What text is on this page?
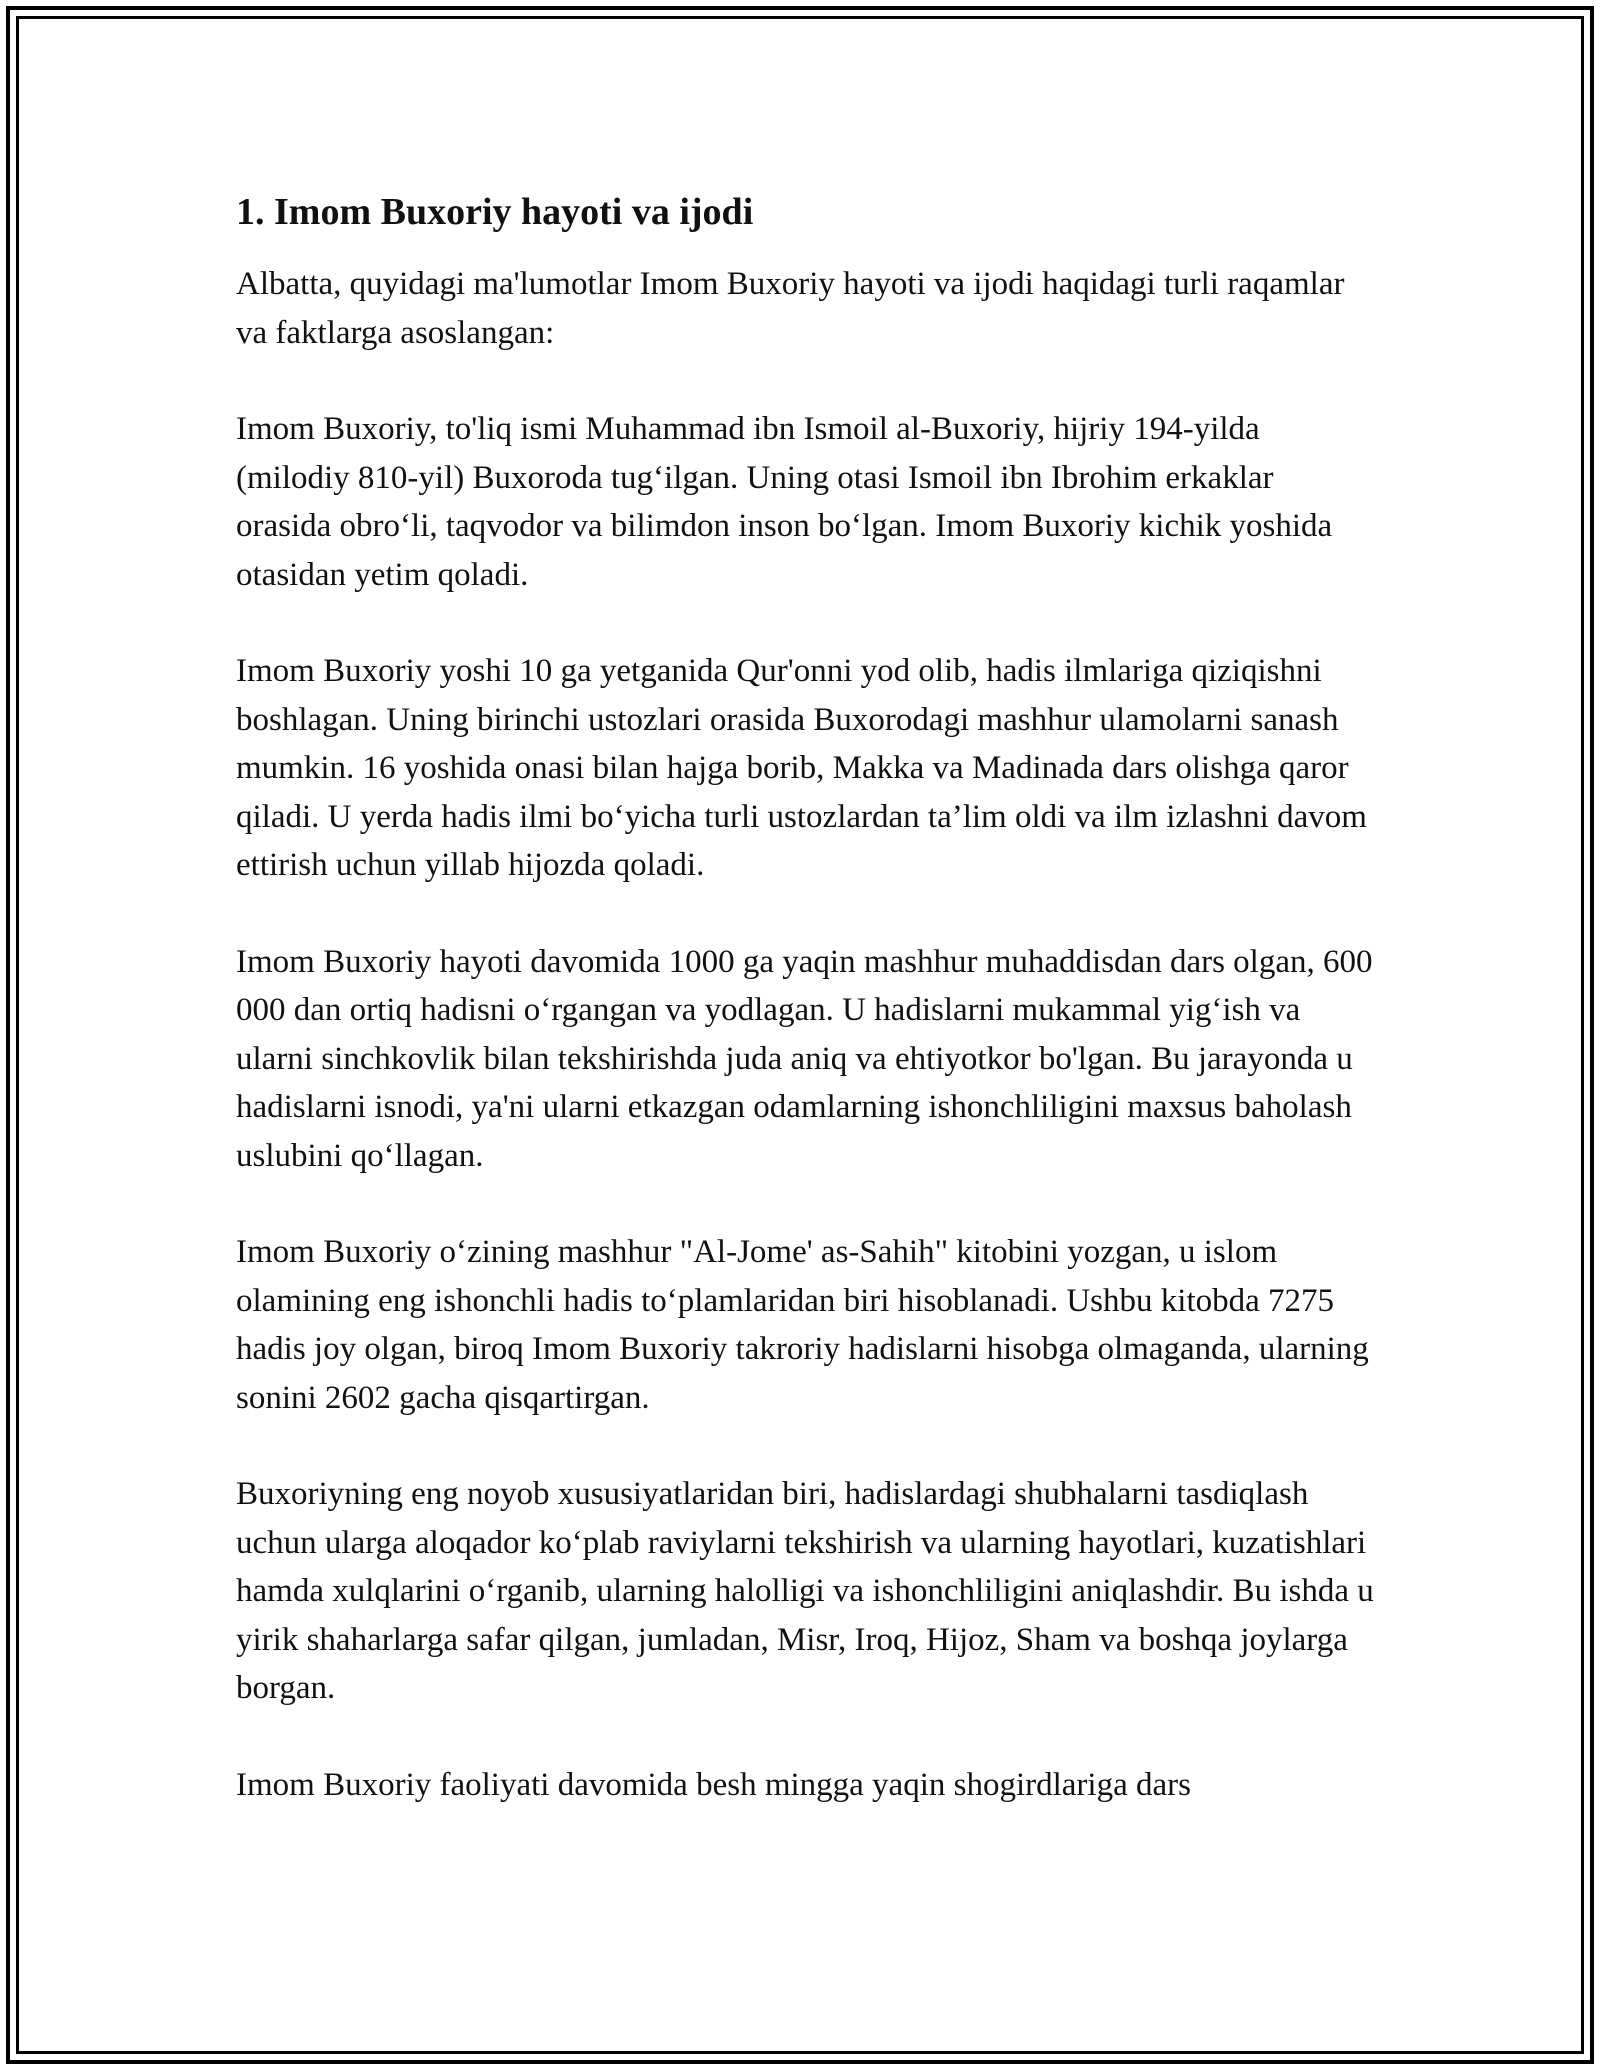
1. Imom Buxoriy hayoti va ijodi

Albatta, quyidagi ma'lumotlar Imom Buxoriy hayoti va ijodi haqidagi turli raqamlar va faktlarga asoslangan:

Imom Buxoriy, to'liq ismi Muhammad ibn Ismoil al-Buxoriy, hijriy 194-yilda (milodiy 810-yil) Buxoroda tug‘ilgan. Uning otasi Ismoil ibn Ibrohim erkaklar orasida obro‘li, taqvodor va bilimdon inson bo‘lgan. Imom Buxoriy kichik yoshida otasidan yetim qoladi.

Imom Buxoriy yoshi 10 ga yetganida Qur'onni yod olib, hadis ilmlariga qiziqishni boshlagan. Uning birinchi ustozlari orasida Buxorodagi mashhur ulamolarni sanash mumkin. 16 yoshida onasi bilan hajga borib, Makka va Madinada dars olishga qaror qiladi. U yerda hadis ilmi bo‘yicha turli ustozlardan ta’lim oldi va ilm izlashni davom ettirish uchun yillab hijozda qoladi.

Imom Buxoriy hayoti davomida 1000 ga yaqin mashhur muhaddisdan dars olgan, 600 000 dan ortiq hadisni o‘rgangan va yodlagan. U hadislarni mukammal yig‘ish va ularni sinchkovlik bilan tekshirishda juda aniq va ehtiyotkor bo'lgan. Bu jarayonda u hadislarni isnodi, ya'ni ularni etkazgan odamlarning ishonchliligini maxsus baholash uslubini qo‘llagan.

Imom Buxoriy o‘zining mashhur "Al-Jome' as-Sahih" kitobini yozgan, u islom olamining eng ishonchli hadis to‘plamlaridan biri hisoblanadi. Ushbu kitobda 7275 hadis joy olgan, biroq Imom Buxoriy takroriy hadislarni hisobga olmaganda, ularning sonini 2602 gacha qisqartirgan.

Buxoriyning eng noyob xususiyatlaridan biri, hadislardagi shubhalarni tasdiqlash uchun ularga aloqador ko‘plab raviylarni tekshirish va ularning hayotlari, kuzatishlari hamda xulqlarini o‘rganib, ularning halolligi va ishonchliligini aniqlashdir. Bu ishda u yirik shaharlarga safar qilgan, jumladan, Misr, Iroq, Hijoz, Sham va boshqa joylarga borgan.

Imom Buxoriy faoliyati davomida besh mingga yaqin shogirdlariga dars
